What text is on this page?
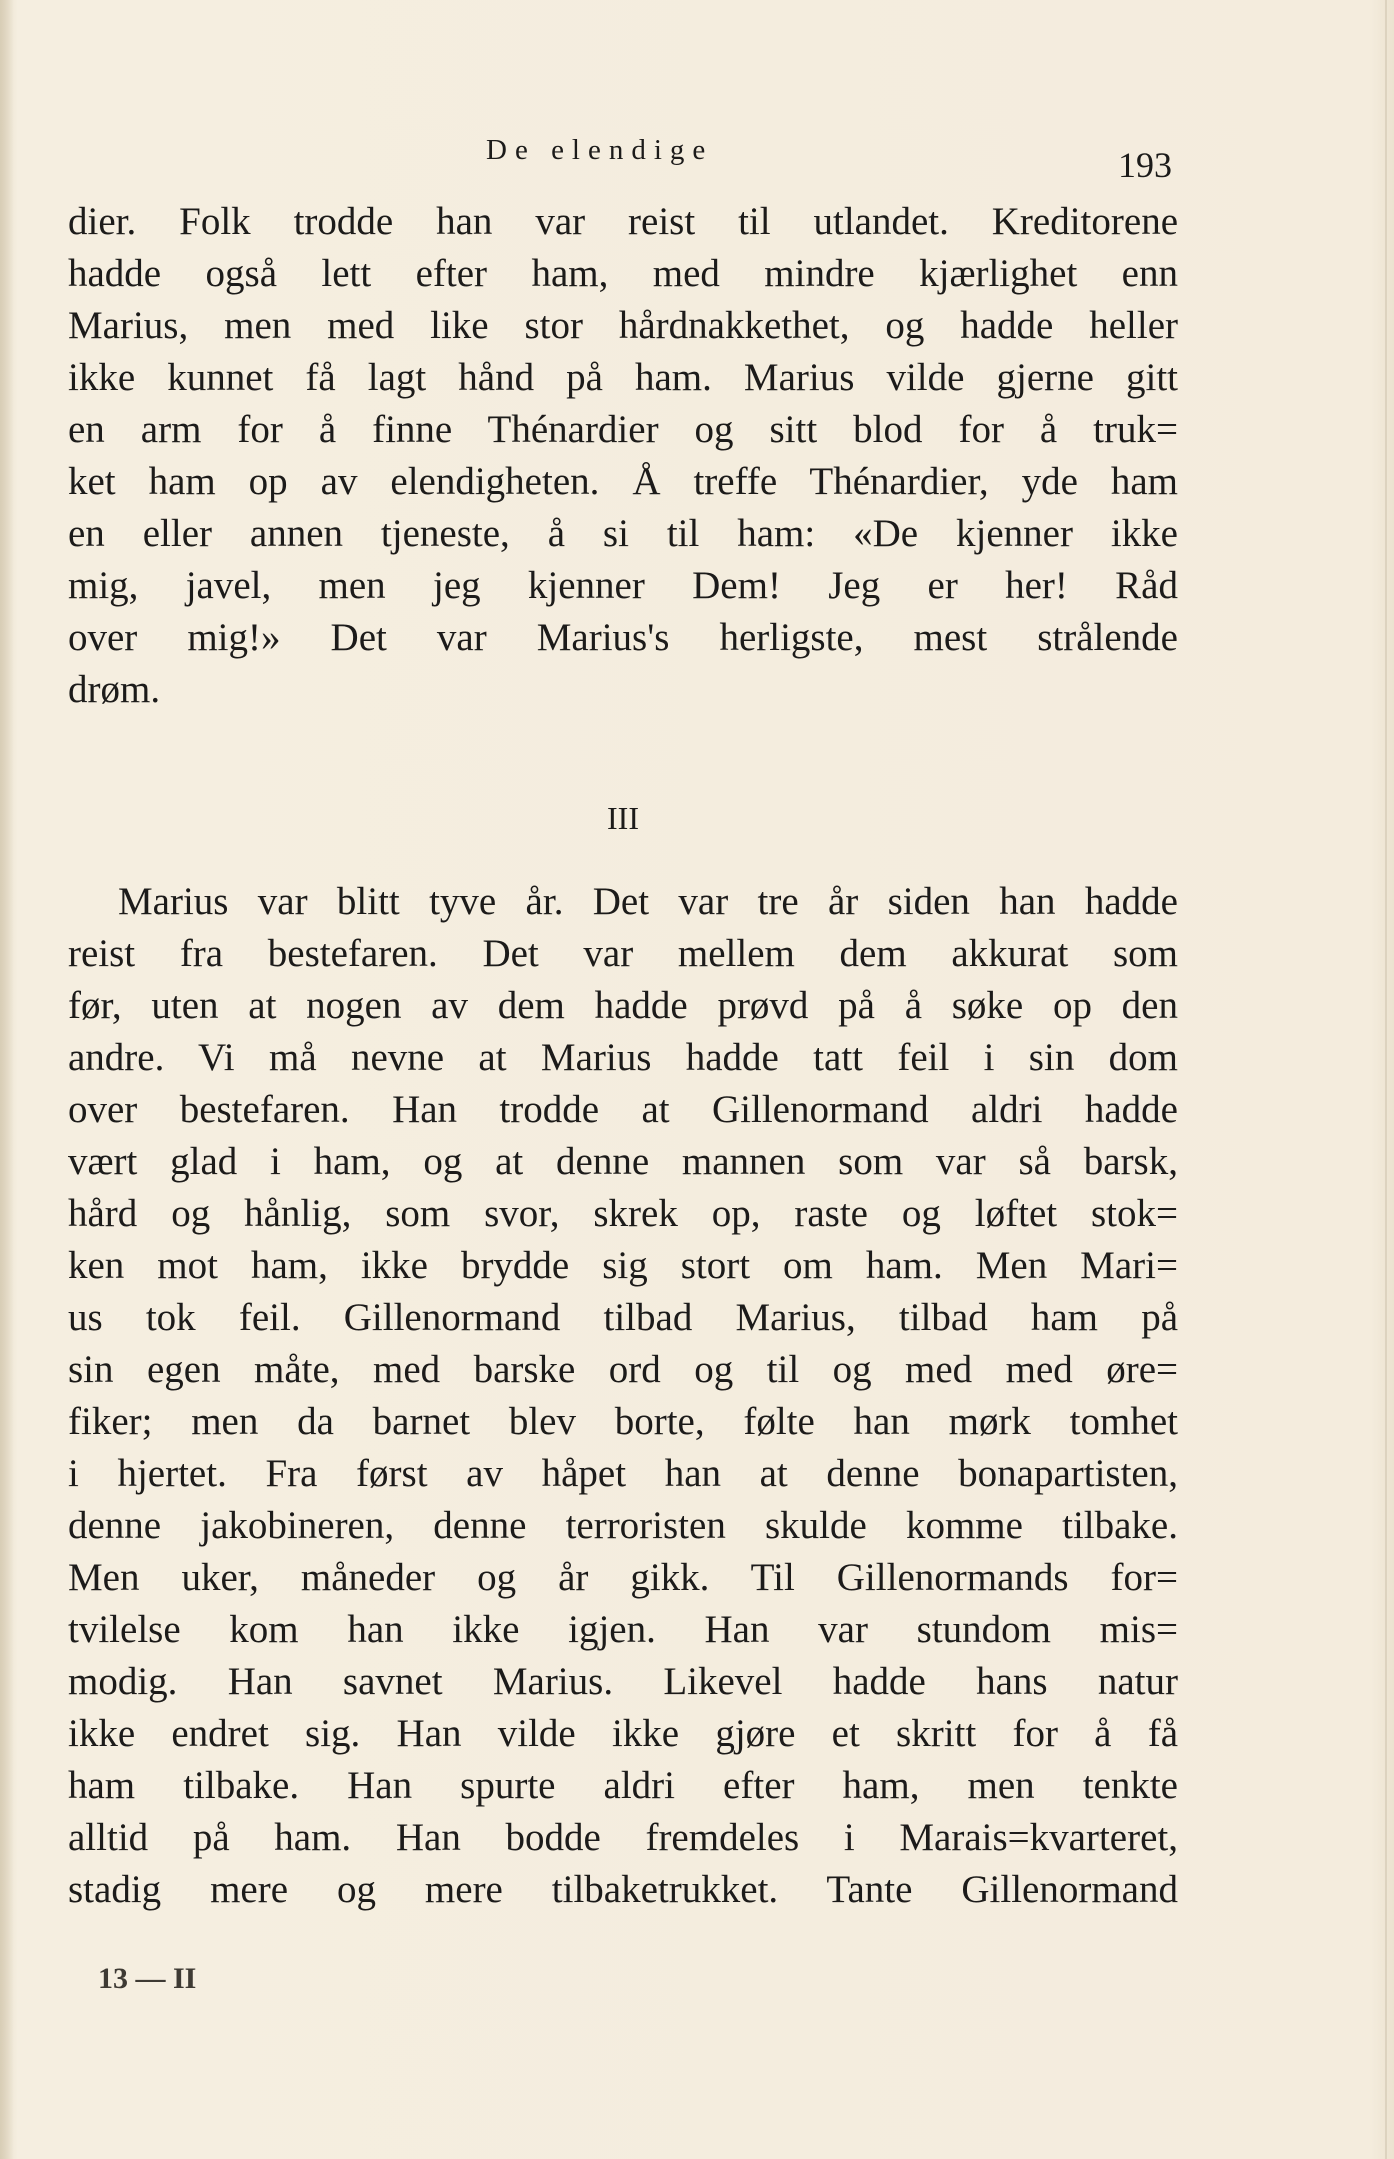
De elendige	193
dier. Folk trodde han var reist til utlandet. Kreditorene
hadde også lett efter ham, med mindre kjærlighet enn
Marius, men med like stor hårdnakkethet, og hadde heller
ikke kunnet få lagt hånd på ham. Marius vilde gjerne gitt
en arm for å finne Thénardier og sitt blod for å truk=
ket ham op av elendigheten. Å treffe Thénardier, yde ham
en eller annen tjeneste, å si til ham: «De kjenner ikke
mig, javel, men jeg kjenner Dem! Jeg er her! Råd
over mig!» Det var Marius's herligste, mest strålende
drøm.
III
Marius var blitt tyve år. Det var tre år siden han hadde
reist fra bestefaren. Det var mellem dem akkurat som
før, uten at nogen av dem hadde prøvd på å søke op den
andre. Vi må nevne at Marius hadde tatt feil i sin dom
over bestefaren. Han trodde at Gillenormand aldri hadde
vært glad i ham, og at denne mannen som var så barsk,
hård og hånlig, som svor, skrek op, raste og løftet stok=
ken mot ham, ikke brydde sig stort om ham. Men Mari=
us tok feil. Gillenormand tilbad Marius, tilbad ham på
sin egen måte, med barske ord og til og med med øre=
fiker; men da barnet blev borte, følte han mørk tomhet
i hjertet. Fra først av håpet han at denne bonapartisten,
denne jakobineren, denne terroristen skulde komme tilbake.
Men uker, måneder og år gikk. Til Gillenormands for=
tvilelse kom han ikke igjen. Han var stundom mis=
modig. Han savnet Marius. Likevel hadde hans natur
ikke endret sig. Han vilde ikke gjøre et skritt for å få
ham tilbake. Han spurte aldri efter ham, men tenkte
alltid på ham. Han bodde fremdeles i Marais=kvarteret,
stadig mere og mere tilbaketrukket. Tante Gillenormand
13 — II
